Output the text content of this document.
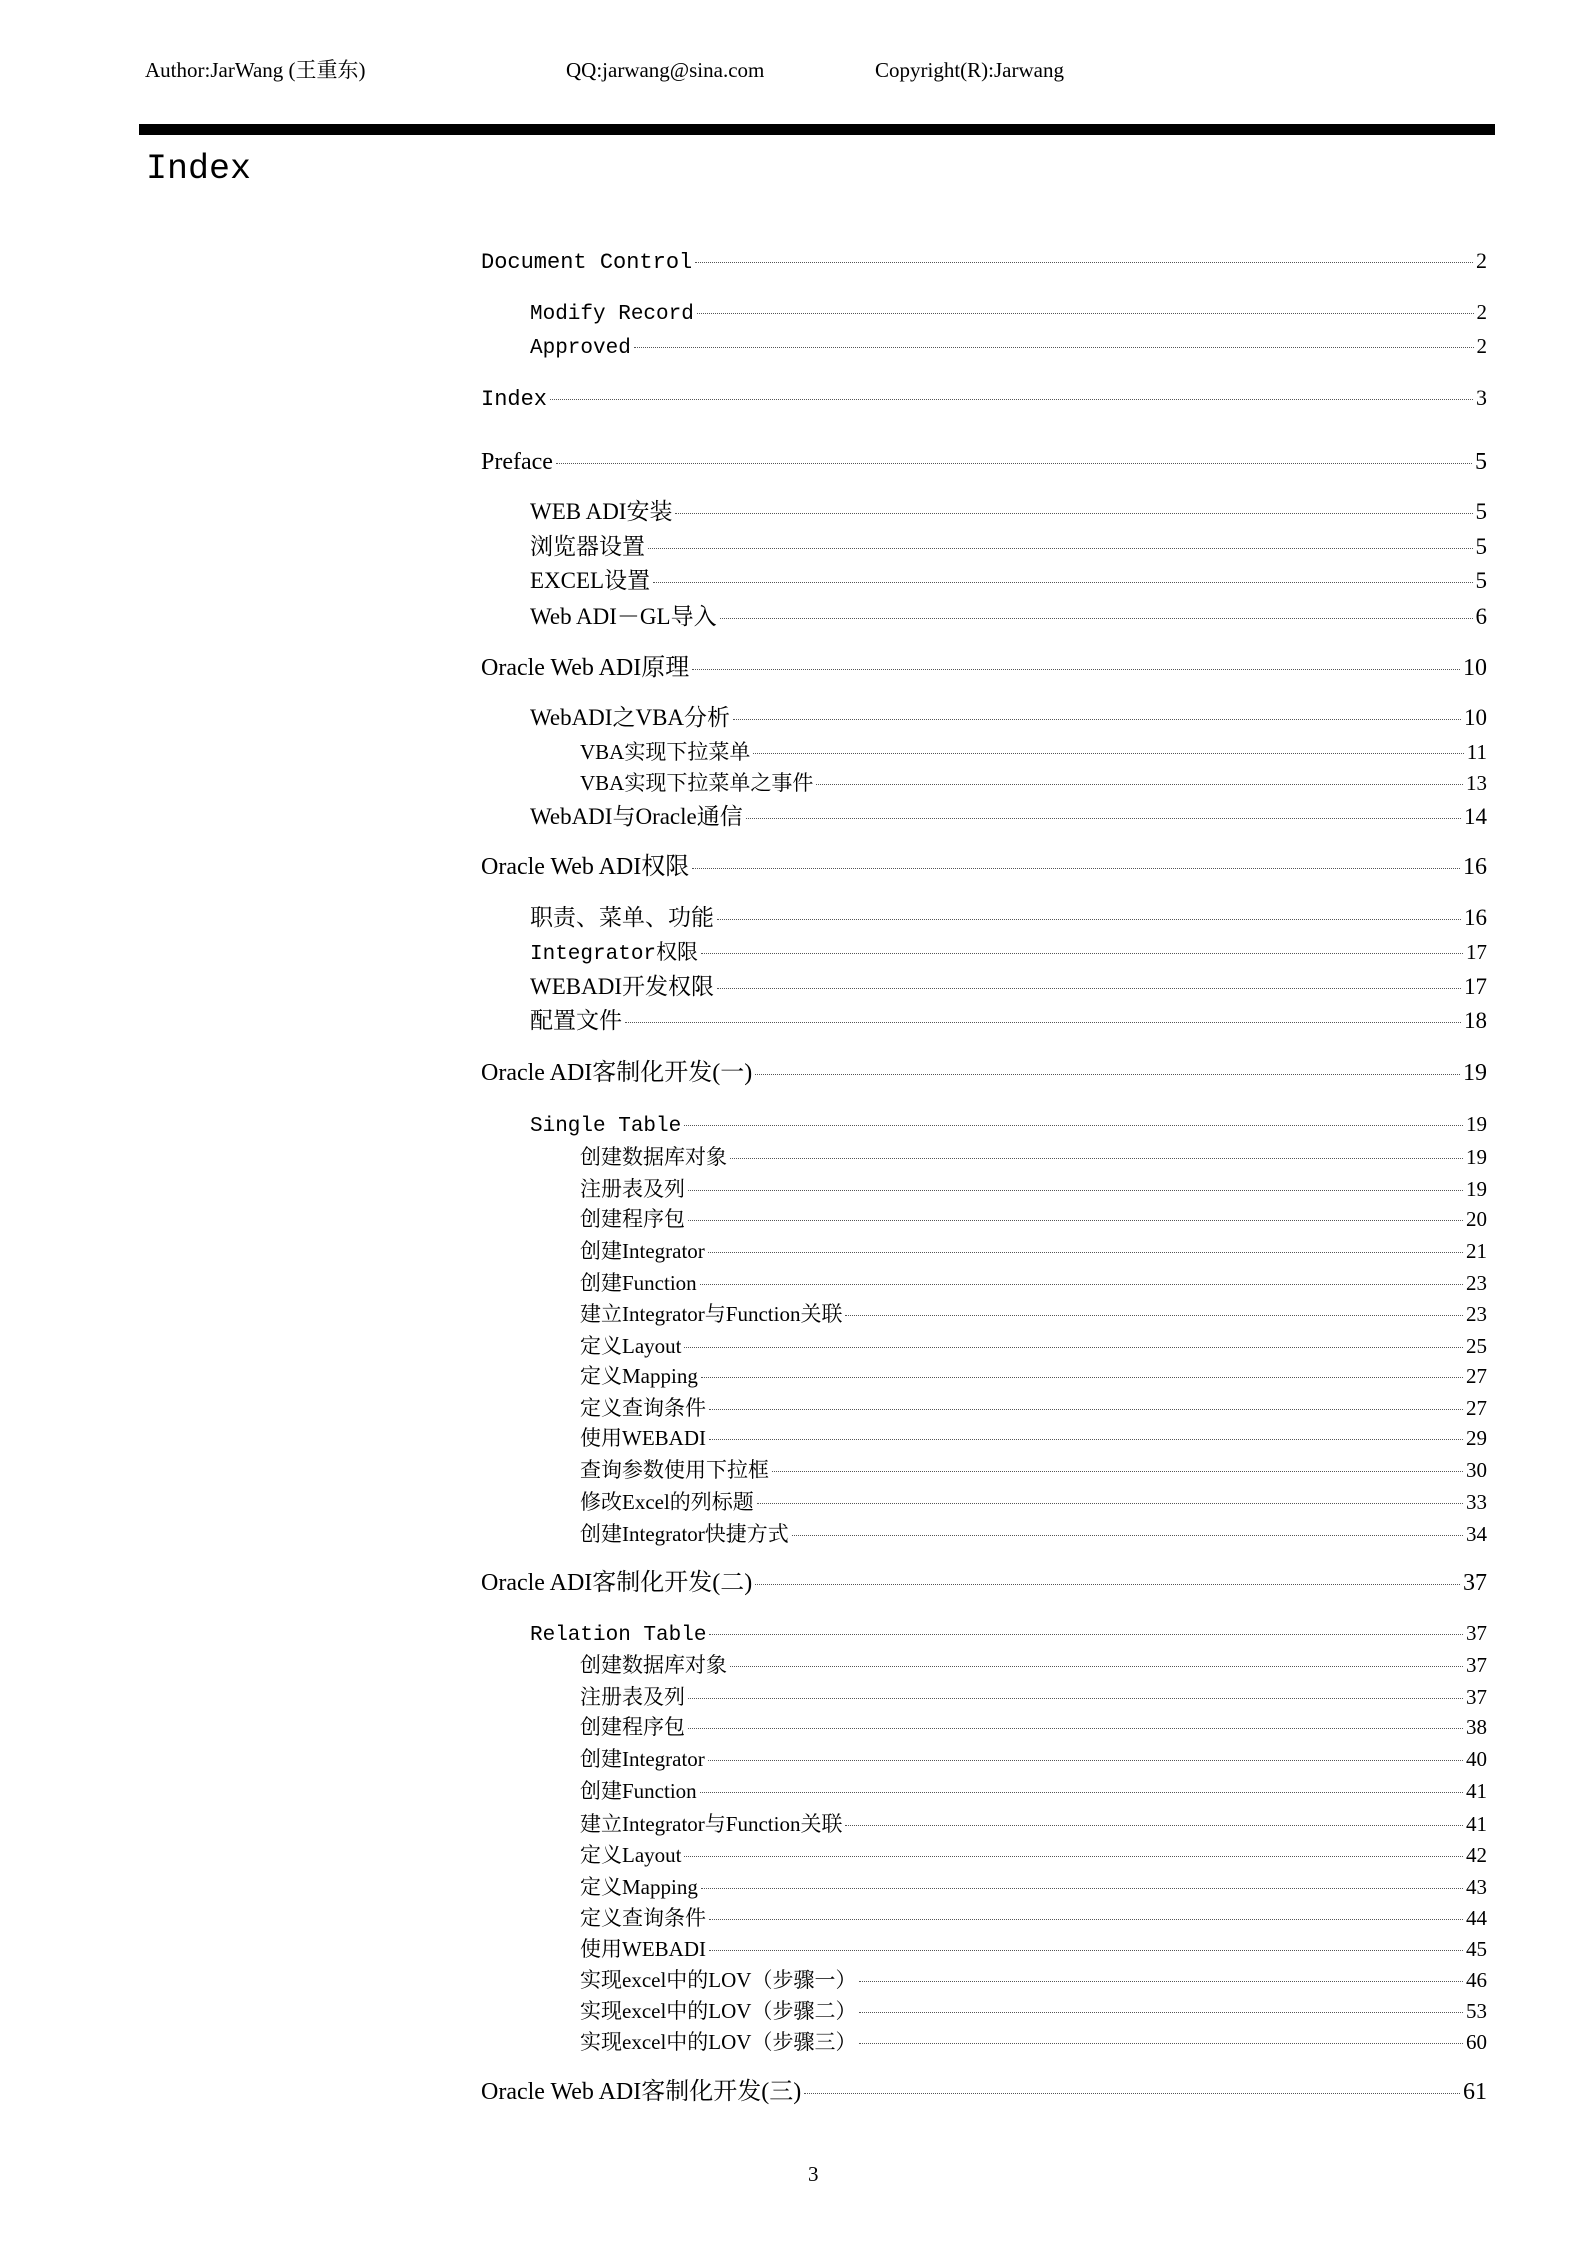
Author:JarWang (王重东)	QQ:jarwang@sina.com	Copyright(R):Jarwang
Index
Document Control	2
Modify Record	2
Approved	2
Index	3
Preface	5
WEB ADI安装	5
浏览器设置	5
EXCEL设置	5
Web ADI－GL导入	6
Oracle Web ADI原理	10
WebADI之VBA分析	10
VBA实现下拉菜单	11
VBA实现下拉菜单之事件	13
WebADI与Oracle通信	14
Oracle Web ADI权限	16
职责、菜单、功能	16
Integrator权限	17
WEBADI开发权限	17
配置文件	18
Oracle ADI客制化开发(一)	19
Single Table	19
创建数据库对象	19
注册表及列	19
创建程序包	20
创建Integrator	21
创建Function	23
建立Integrator与Function关联	23
定义Layout	25
定义Mapping	27
定义查询条件	27
使用WEBADI	29
查询参数使用下拉框	30
修改Excel的列标题	33
创建Integrator快捷方式	34
Oracle ADI客制化开发(二)	37
Relation Table	37
创建数据库对象	37
注册表及列	37
创建程序包	38
创建Integrator	40
创建Function	41
建立Integrator与Function关联	41
定义Layout	42
定义Mapping	43
定义查询条件	44
使用WEBADI	45
实现excel中的LOV（步骤一）	46
实现excel中的LOV（步骤二）	53
实现excel中的LOV（步骤三）	60
Oracle Web ADI客制化开发(三)	61
3
